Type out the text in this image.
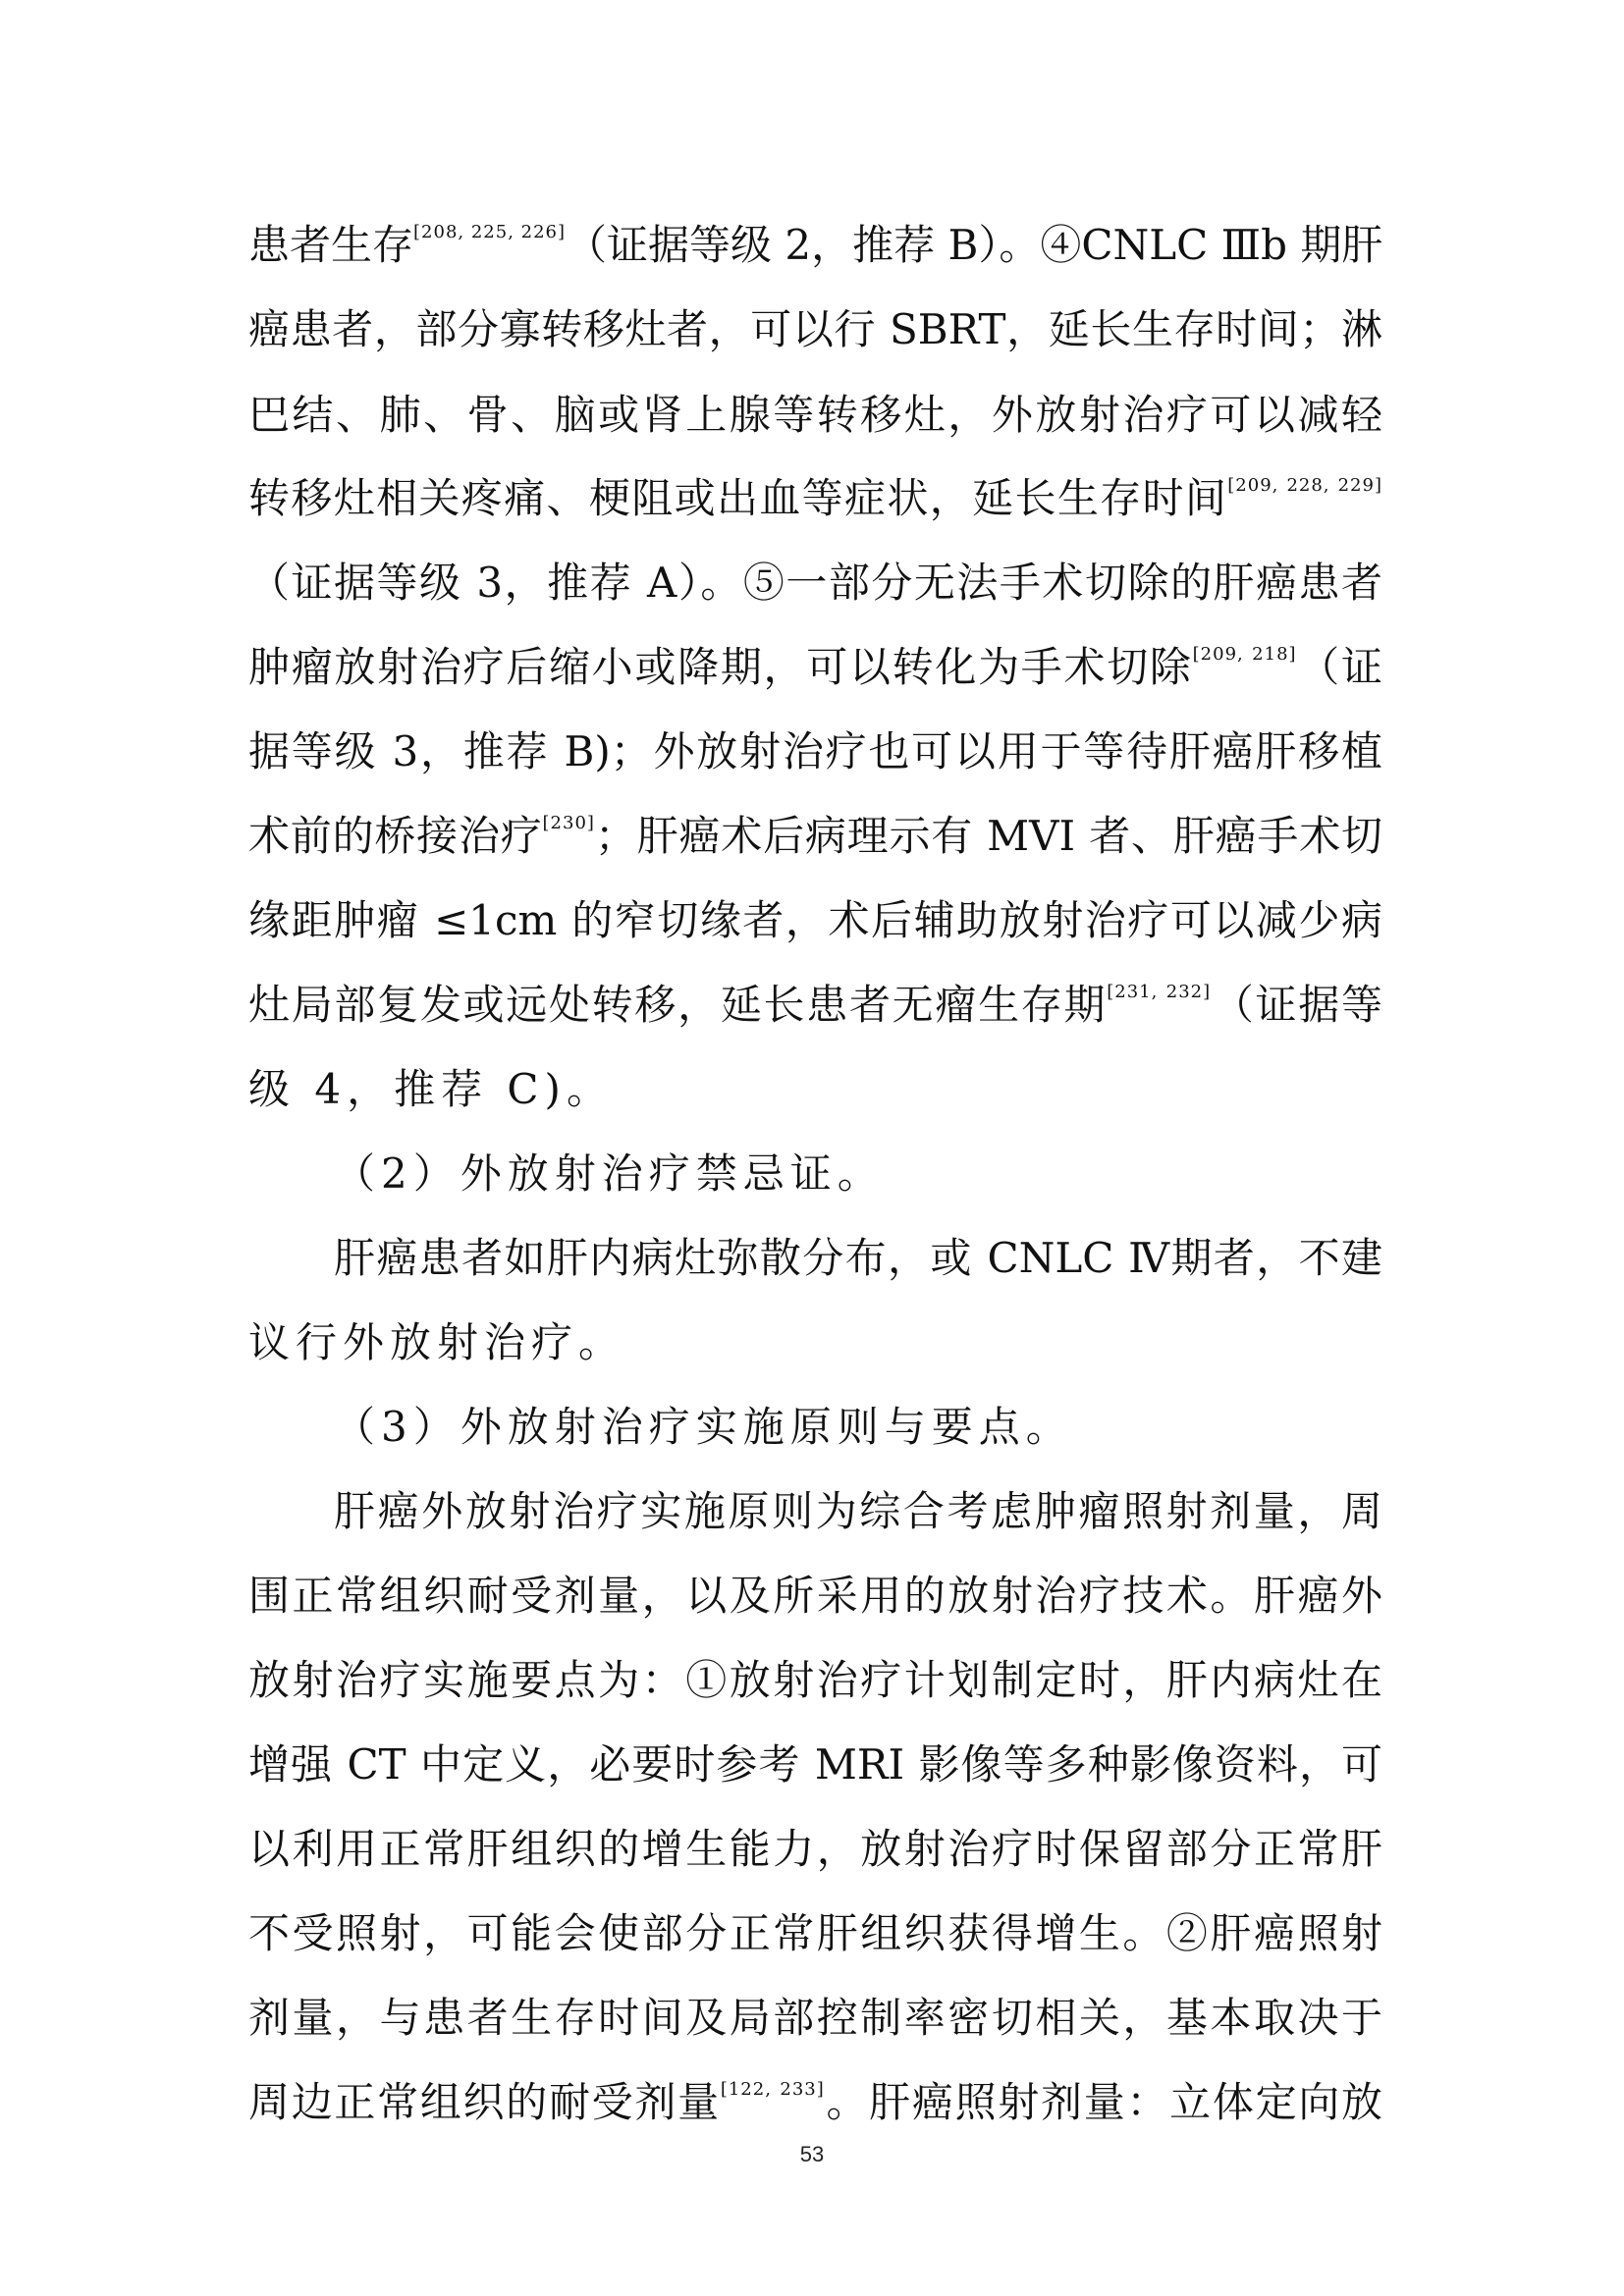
患者生存[208, 225, 226]（证据等级 2，推荐 B）。④CNLC Ⅲb 期肝
癌患者，部分寡转移灶者，可以行 SBRT，延长生存时间；淋
巴结、肺、骨、脑或肾上腺等转移灶，外放射治疗可以减轻
转移灶相关疼痛、梗阻或出血等症状，延长生存时间[209, 228, 229]
（证据等级 3，推荐 A）。⑤一部分无法手术切除的肝癌患者
肿瘤放射治疗后缩小或降期，可以转化为手术切除[209, 218]（证
据等级 3，推荐 B)；外放射治疗也可以用于等待肝癌肝移植
术前的桥接治疗[230]；肝癌术后病理示有 MVI 者、肝癌手术切
缘距肿瘤 ≤1cm 的窄切缘者，术后辅助放射治疗可以减少病
灶局部复发或远处转移，延长患者无瘤生存期[231, 232]（证据等
级 4，推荐 C)。
（2）外放射治疗禁忌证。
肝癌患者如肝内病灶弥散分布，或 CNLC Ⅳ期者，不建
议行外放射治疗。
（3）外放射治疗实施原则与要点。
肝癌外放射治疗实施原则为综合考虑肿瘤照射剂量，周
围正常组织耐受剂量，以及所采用的放射治疗技术。肝癌外
放射治疗实施要点为：①放射治疗计划制定时，肝内病灶在
增强 CT 中定义，必要时参考 MRI 影像等多种影像资料，可
以利用正常肝组织的增生能力，放射治疗时保留部分正常肝
不受照射，可能会使部分正常肝组织获得增生。②肝癌照射
剂量，与患者生存时间及局部控制率密切相关，基本取决于
周边正常组织的耐受剂量[122, 233]。肝癌照射剂量：立体定向放
53
